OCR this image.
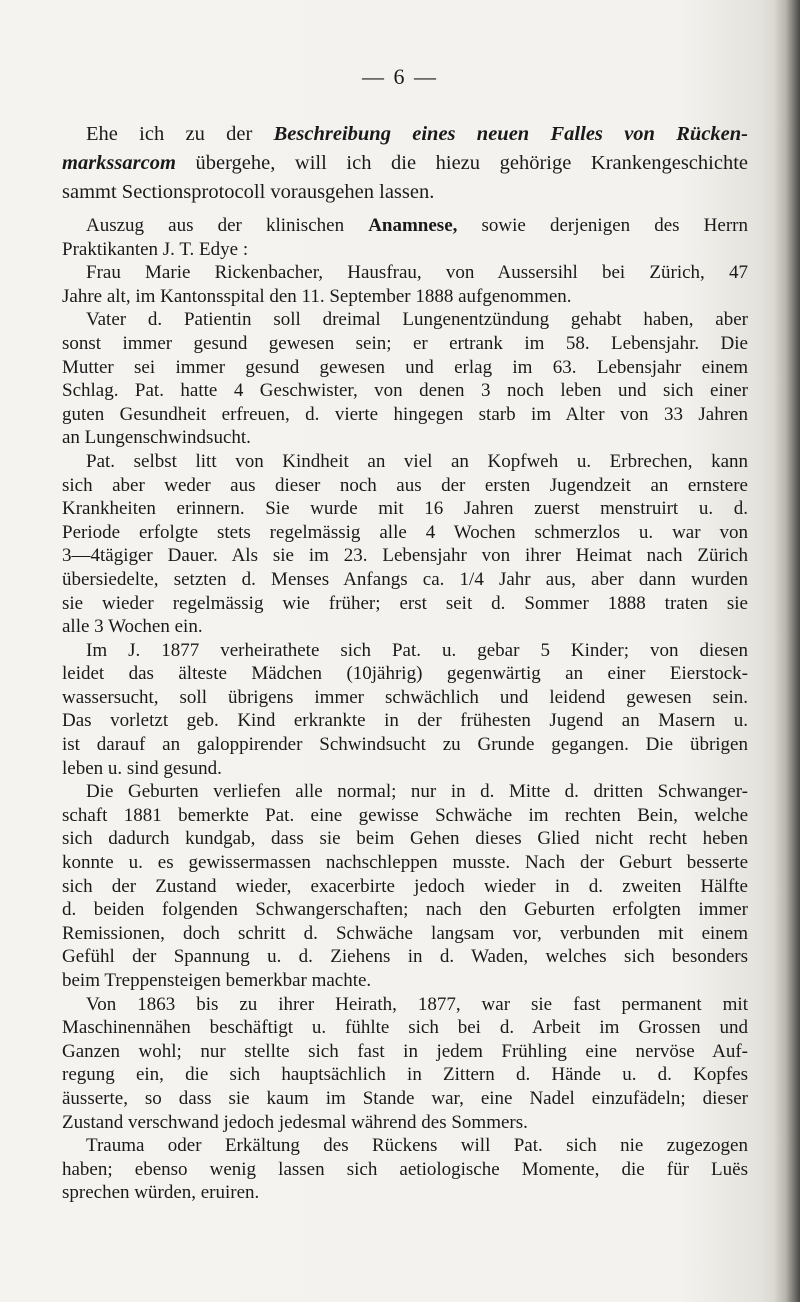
— 6 —
Ehe ich zu der Beschreibung eines neuen Falles von Rücken-
markssarcom übergehe, will ich die hiezu gehörige Krankengeschichte
sammt Sectionsprotocoll vorausgehen lassen.
Auszug aus der klinischen Anamnese, sowie derjenigen des Herrn
Praktikanten J. T. Edye :
Frau Marie Rickenbacher, Hausfrau, von Aussersihl bei Zürich, 47
Jahre alt, im Kantonsspital den 11. September 1888 aufgenommen.
Vater d. Patientin soll dreimal Lungenentzündung gehabt haben, aber
sonst immer gesund gewesen sein; er ertrank im 58. Lebensjahr. Die
Mutter sei immer gesund gewesen und erlag im 63. Lebensjahr einem
Schlag. Pat. hatte 4 Geschwister, von denen 3 noch leben und sich einer
guten Gesundheit erfreuen, d. vierte hingegen starb im Alter von 33 Jahren
an Lungenschwindsucht.
Pat. selbst litt von Kindheit an viel an Kopfweh u. Erbrechen, kann
sich aber weder aus dieser noch aus der ersten Jugendzeit an ernstere
Krankheiten erinnern. Sie wurde mit 16 Jahren zuerst menstruirt u. d.
Periode erfolgte stets regelmässig alle 4 Wochen schmerzlos u. war von
3—4tägiger Dauer. Als sie im 23. Lebensjahr von ihrer Heimat nach Zürich
übersiedelte, setzten d. Menses Anfangs ca. 1/4 Jahr aus, aber dann wurden
sie wieder regelmässig wie früher; erst seit d. Sommer 1888 traten sie
alle 3 Wochen ein.
Im J. 1877 verheirathete sich Pat. u. gebar 5 Kinder; von diesen
leidet das älteste Mädchen (10jährig) gegenwärtig an einer Eierstock-
wassersucht, soll übrigens immer schwächlich und leidend gewesen sein.
Das vorletzt geb. Kind erkrankte in der frühesten Jugend an Masern u.
ist darauf an galoppirender Schwindsucht zu Grunde gegangen. Die übrigen
leben u. sind gesund.
Die Geburten verliefen alle normal; nur in d. Mitte d. dritten Schwanger-
schaft 1881 bemerkte Pat. eine gewisse Schwäche im rechten Bein, welche
sich dadurch kundgab, dass sie beim Gehen dieses Glied nicht recht heben
konnte u. es gewissermassen nachschleppen musste. Nach der Geburt besserte
sich der Zustand wieder, exacerbirte jedoch wieder in d. zweiten Hälfte
d. beiden folgenden Schwangerschaften; nach den Geburten erfolgten immer
Remissionen, doch schritt d. Schwäche langsam vor, verbunden mit einem
Gefühl der Spannung u. d. Ziehens in d. Waden, welches sich besonders
beim Treppensteigen bemerkbar machte.
Von 1863 bis zu ihrer Heirath, 1877, war sie fast permanent mit
Maschinennähen beschäftigt u. fühlte sich bei d. Arbeit im Grossen und
Ganzen wohl; nur stellte sich fast in jedem Frühling eine nervöse Auf-
regung ein, die sich hauptsächlich in Zittern d. Hände u. d. Kopfes
äusserte, so dass sie kaum im Stande war, eine Nadel einzufädeln; dieser
Zustand verschwand jedoch jedesmal während des Sommers.
Trauma oder Erkältung des Rückens will Pat. sich nie zugezogen
haben; ebenso wenig lassen sich aetiologische Momente, die für Luës
sprechen würden, eruiren.
